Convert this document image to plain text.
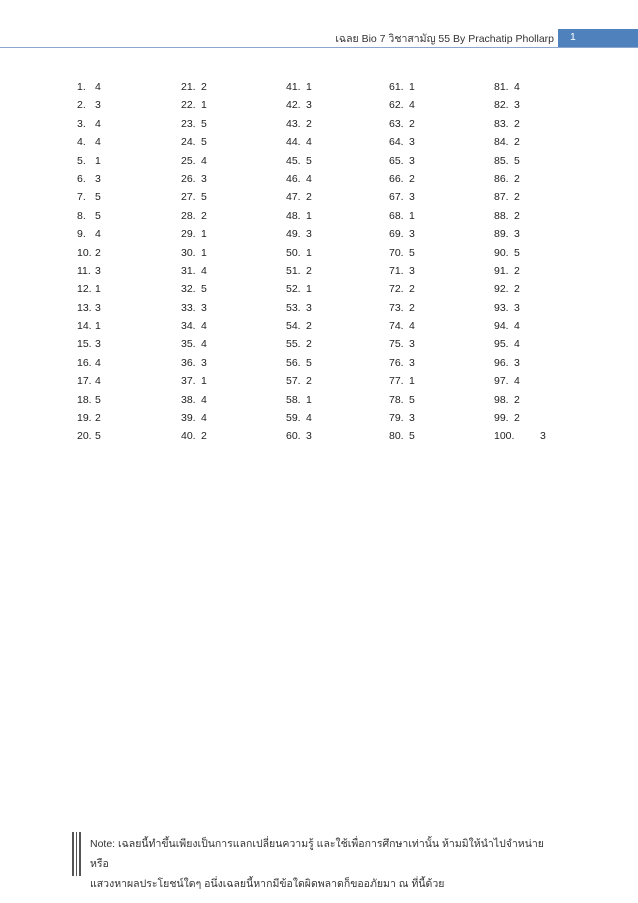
เฉลย Bio 7 วิชาสามัญ 55 By Prachatip Phollarp 1
1. 4
2. 3
3. 4
4. 4
5. 1
6. 3
7. 5
8. 5
9. 4
10. 2
11. 3
12. 1
13. 3
14. 1
15. 3
16. 4
17. 4
18. 5
19. 2
20. 5
21. 2
22. 1
23. 5
24. 5
25. 4
26. 3
27. 5
28. 2
29. 1
30. 1
31. 4
32. 5
33. 3
34. 4
35. 4
36. 3
37. 1
38. 4
39. 4
40. 2
41. 1
42. 3
43. 2
44. 4
45. 5
46. 4
47. 2
48. 1
49. 3
50. 1
51. 2
52. 1
53. 3
54. 2
55. 2
56. 5
57. 2
58. 1
59. 4
60. 3
61. 1
62. 4
63. 2
64. 3
65. 3
66. 2
67. 3
68. 1
69. 3
70. 5
71. 3
72. 2
73. 2
74. 4
75. 3
76. 3
77. 1
78. 5
79. 3
80. 5
81. 4
82. 3
83. 2
84. 2
85. 5
86. 2
87. 2
88. 2
89. 3
90. 5
91. 2
92. 2
93. 3
94. 4
95. 4
96. 3
97. 4
98. 2
99. 2
100. 3
Note: เฉลยนี้ทำขึ้นเพียงเป็นการแลกเปลี่ยนความรู้ และใช้เพื่อการศึกษาเท่านั้น ห้ามมิให้นำไปจำหน่าย หรือ
แสวงหาผลประโยชน์ใดๆ อนึ่งเฉลยนี้หากมีข้อใดผิดพลาดก็ขออภัยมา ณ ที่นี้ด้วย
